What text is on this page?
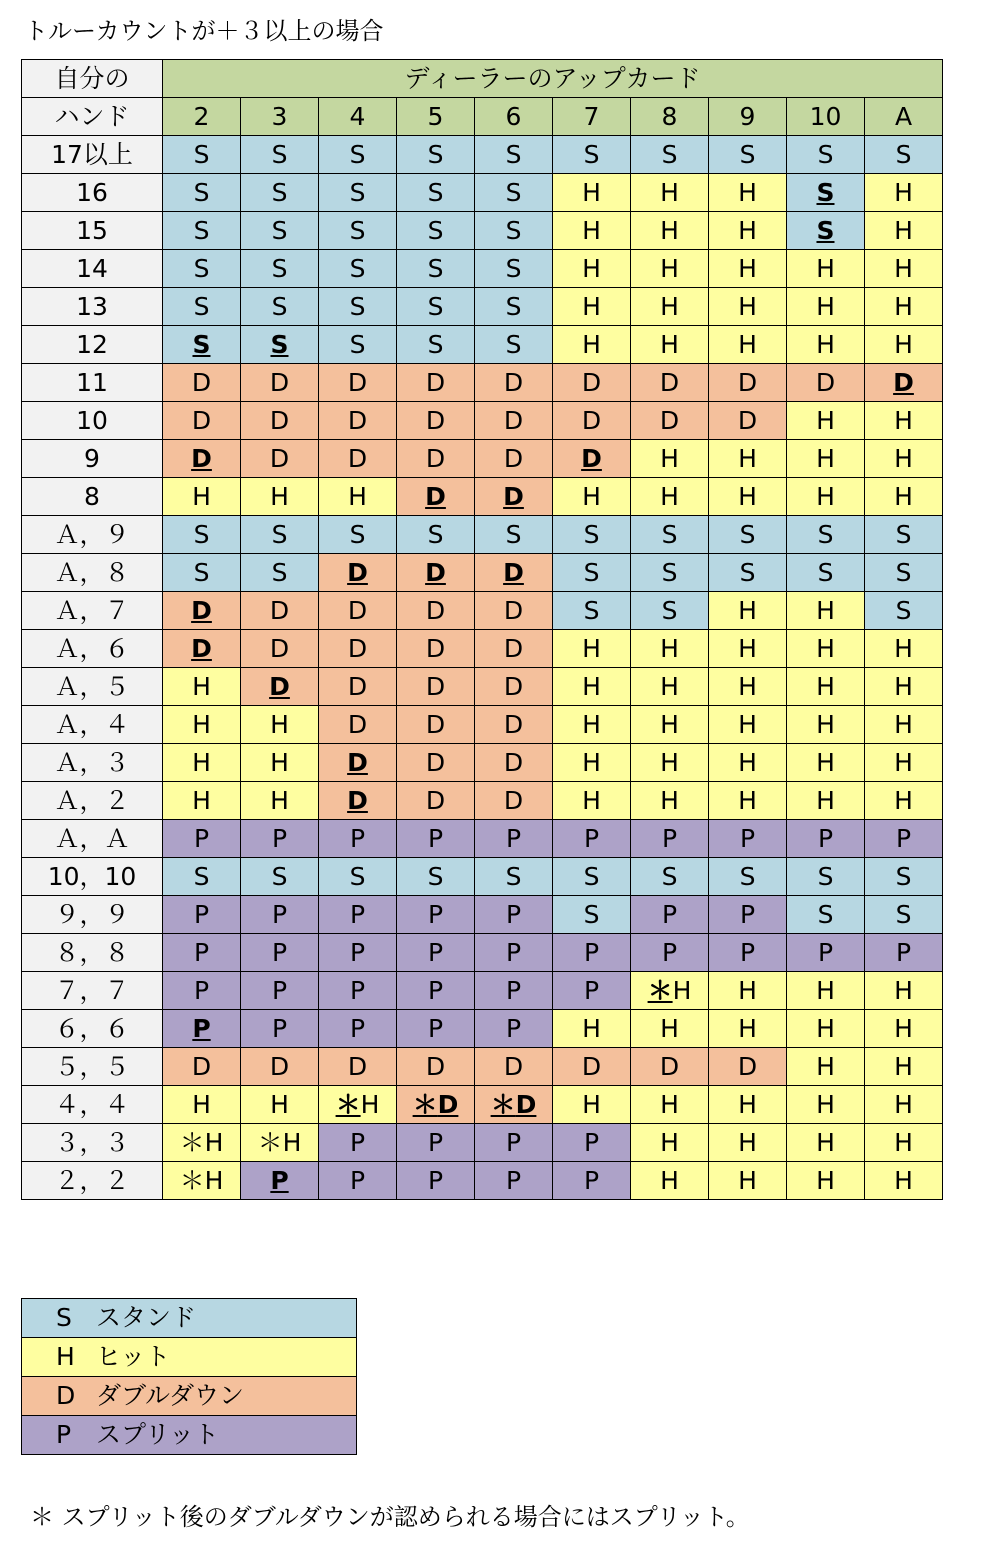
トルーカウントが＋３以上の場合
自分の	ディーラーのアップカード									
ハンド	2	3	4	5	6	7	8	9	10	A
17以上	S	S	S	S	S	S	S	S	S	S
16	S	S	S	S	S	H	H	H	S	H
15	S	S	S	S	S	H	H	H	S	H
14	S	S	S	S	S	H	H	H	H	H
13	S	S	S	S	S	H	H	H	H	H
12	S	S	S	S	S	H	H	H	H	H
11	D	D	D	D	D	D	D	D	D	D
10	D	D	D	D	D	D	D	D	H	H
9	D	D	D	D	D	D	H	H	H	H
8	H	H	H	D	D	H	H	H	H	H
Ａ，９	S	S	S	S	S	S	S	S	S	S
Ａ，８	S	S	D	D	D	S	S	S	S	S
Ａ，７	D	D	D	D	D	S	S	H	H	S
Ａ，６	D	D	D	D	D	H	H	H	H	H
Ａ，５	H	D	D	D	D	H	H	H	H	H
Ａ，４	H	H	D	D	D	H	H	H	H	H
Ａ，３	H	H	D	D	D	H	H	H	H	H
Ａ，２	H	H	D	D	D	H	H	H	H	H
Ａ，Ａ	P	P	P	P	P	P	P	P	P	P
10，10	S	S	S	S	S	S	S	S	S	S
９，９	P	P	P	P	P	S	P	P	S	S
８，８	P	P	P	P	P	P	P	P	P	P
７，７	P	P	P	P	P	P	＊H	H	H	H
６，６	P	P	P	P	P	H	H	H	H	H
５，５	D	D	D	D	D	D	D	D	H	H
４，４	H	H	＊H	＊D	＊D	H	H	H	H	H
３，３	＊H	＊H	P	P	P	P	H	H	H	H
２，２	＊H	P	P	P	P	P	H	H	H	H
S スタンド
H ヒット
D ダブルダウン
P スプリット
＊ スプリット後のダブルダウンが認められる場合にはスプリット。
